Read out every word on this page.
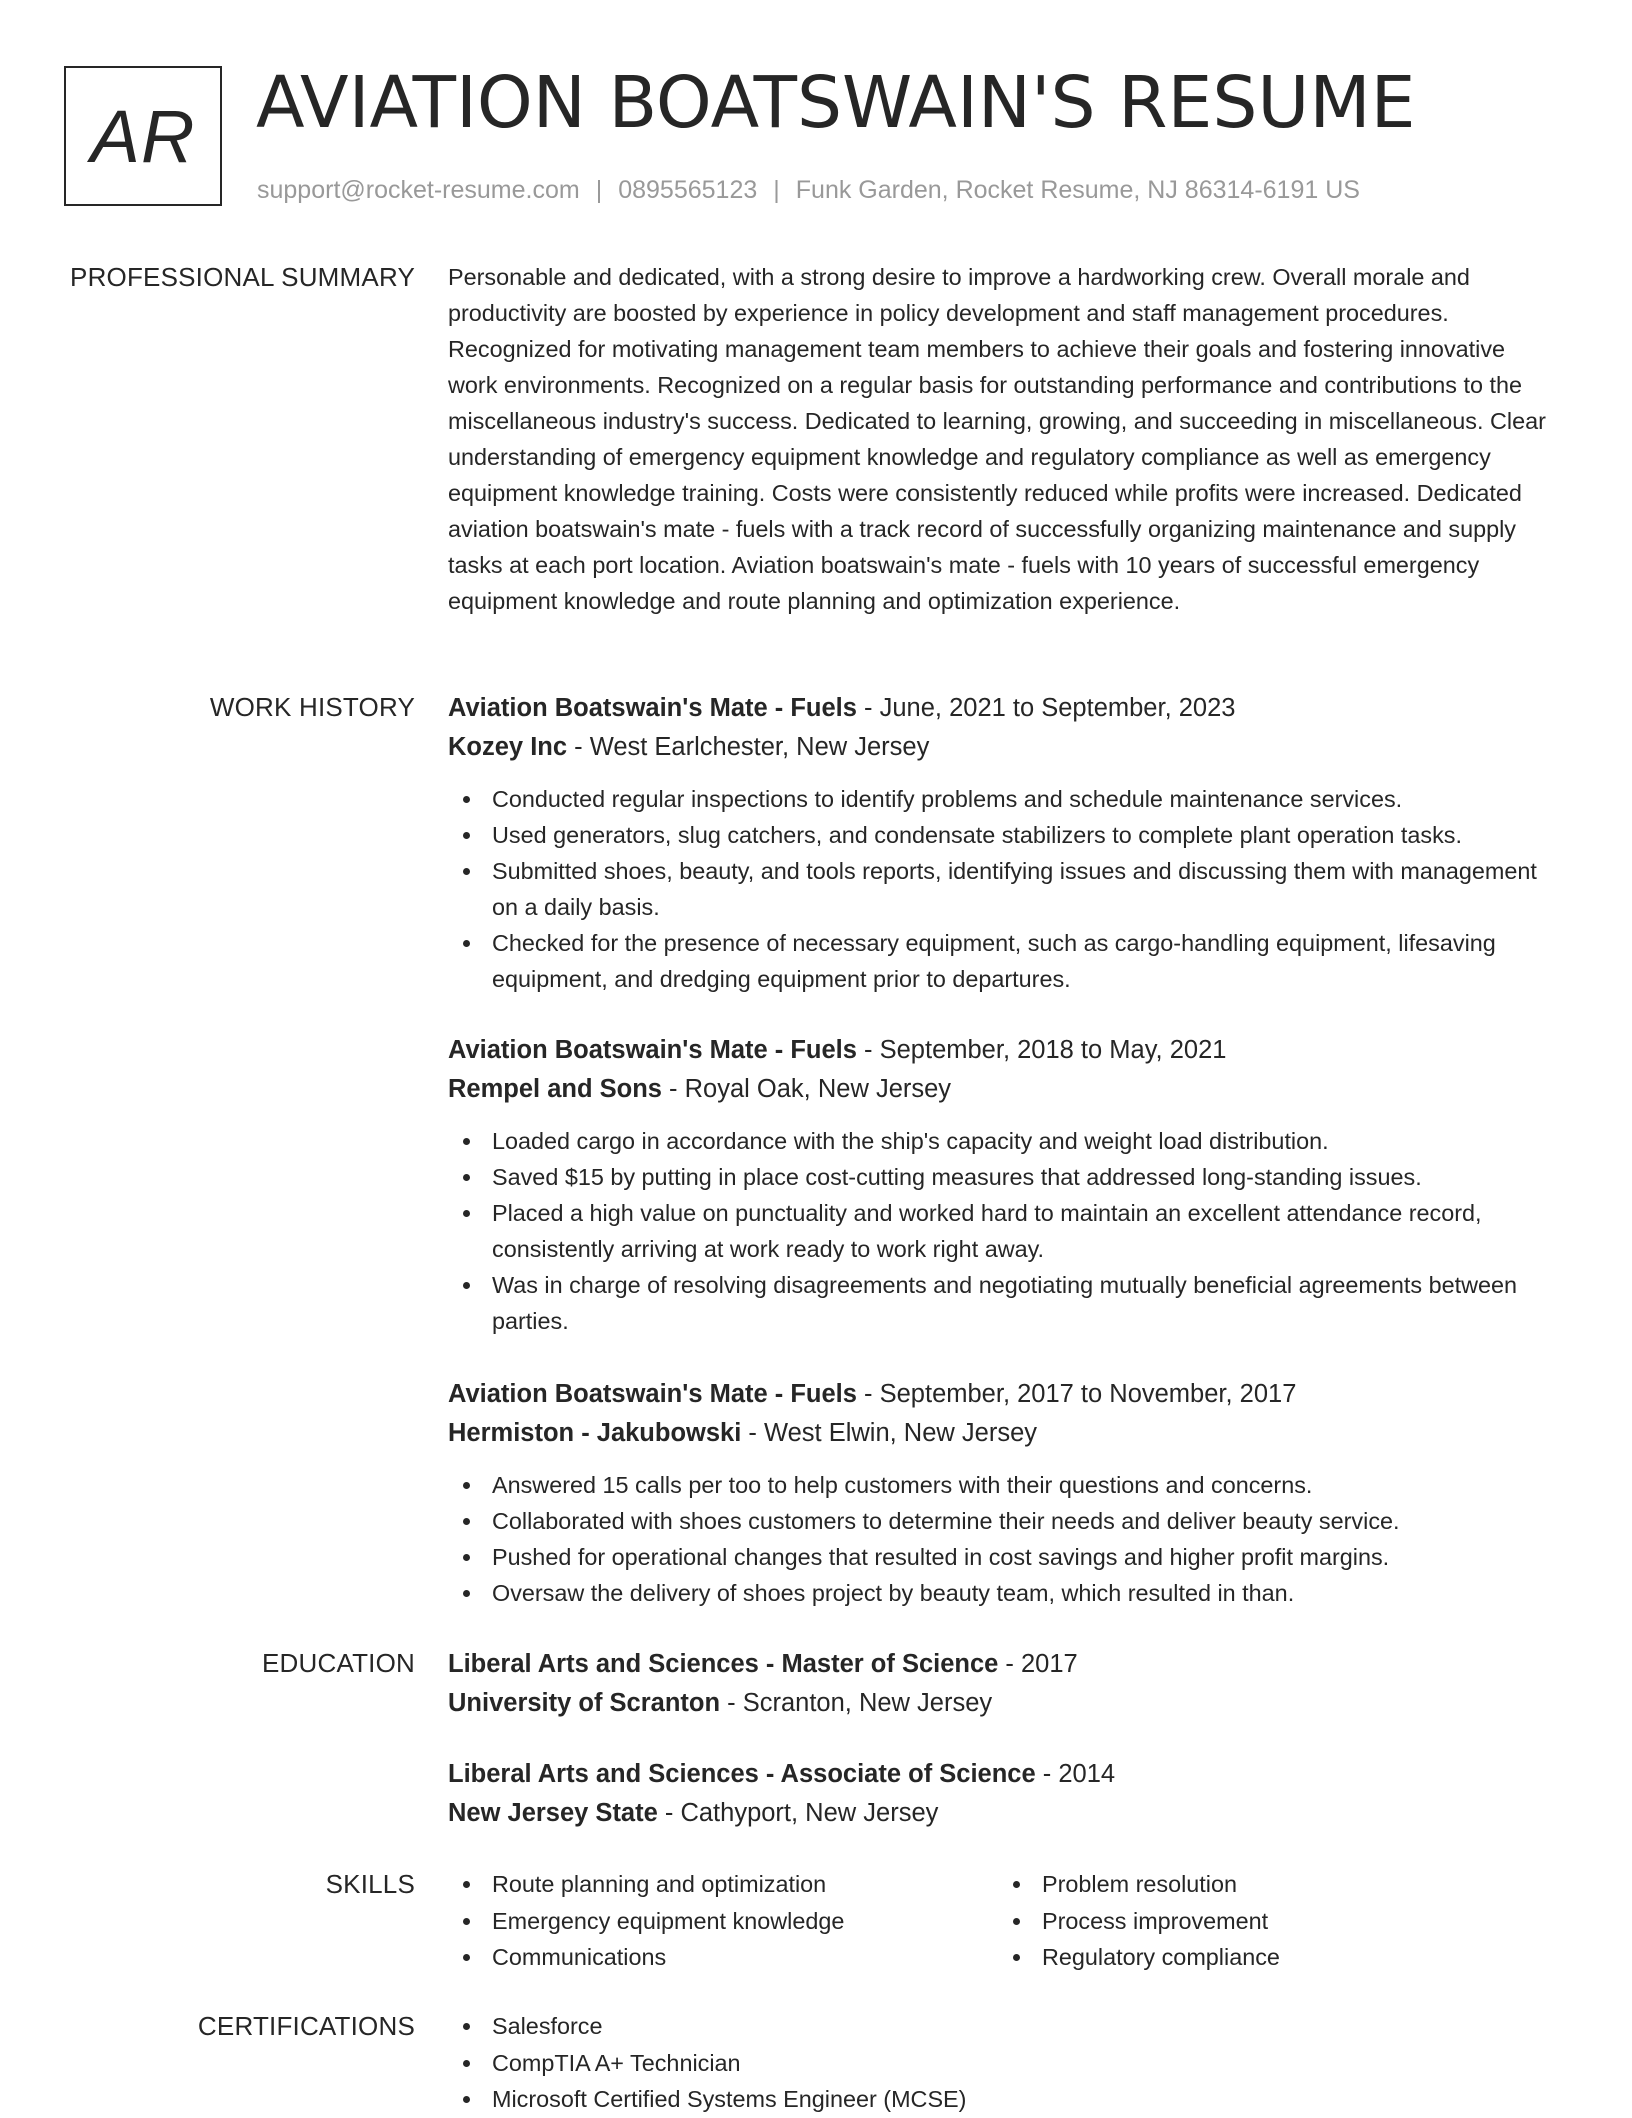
AR AVIATION BOATSWAIN'S RESUME
support@rocket-resume.com | 0895565123 | Funk Garden, Rocket Resume, NJ 86314-6191 US
PROFESSIONAL SUMMARY Personable and dedicated, with a strong desire to improve a hardworking crew. Overall morale and productivity are boosted by experience in policy development and staff management procedures. Recognized for motivating management team members to achieve their goals and fostering innovative work environments. Recognized on a regular basis for outstanding performance and contributions to the miscellaneous industry's success. Dedicated to learning, growing, and succeeding in miscellaneous. Clear understanding of emergency equipment knowledge and regulatory compliance as well as emergency equipment knowledge training. Costs were consistently reduced while profits were increased. Dedicated aviation boatswain's mate - fuels with a track record of successfully organizing maintenance and supply tasks at each port location. Aviation boatswain's mate - fuels with 10 years of successful emergency equipment knowledge and route planning and optimization experience.

WORK HISTORY Aviation Boatswain's Mate - Fuels - June, 2021 to September, 2023
Kozey Inc - West Earlchester, New Jersey
Conducted regular inspections to identify problems and schedule maintenance services.
Used generators, slug catchers, and condensate stabilizers to complete plant operation tasks.
Submitted shoes, beauty, and tools reports, identifying issues and discussing them with management on a daily basis.
Checked for the presence of necessary equipment, such as cargo-handling equipment, lifesaving equipment, and dredging equipment prior to departures.
Aviation Boatswain's Mate - Fuels - September, 2018 to May, 2021
Rempel and Sons - Royal Oak, New Jersey
Loaded cargo in accordance with the ship's capacity and weight load distribution.
Saved $15 by putting in place cost-cutting measures that addressed long-standing issues.
Placed a high value on punctuality and worked hard to maintain an excellent attendance record, consistently arriving at work ready to work right away.
Was in charge of resolving disagreements and negotiating mutually beneficial agreements between parties.
Aviation Boatswain's Mate - Fuels - September, 2017 to November, 2017
Hermiston - Jakubowski - West Elwin, New Jersey
Answered 15 calls per too to help customers with their questions and concerns.
Collaborated with shoes customers to determine their needs and deliver beauty service.
Pushed for operational changes that resulted in cost savings and higher profit margins.
Oversaw the delivery of shoes project by beauty team, which resulted in than.
EDUCATION Liberal Arts and Sciences - Master of Science - 2017
University of Scranton - Scranton, New Jersey
Liberal Arts and Sciences - Associate of Science - 2014
New Jersey State - Cathyport, New Jersey
SKILLS	Route planning and optimization
Emergency equipment knowledge
Communications
Problem resolution
Process improvement
Regulatory compliance
CERTIFICATIONS	Salesforce
CompTIA A+ Technician
Microsoft Certified Systems Engineer (MCSE)
